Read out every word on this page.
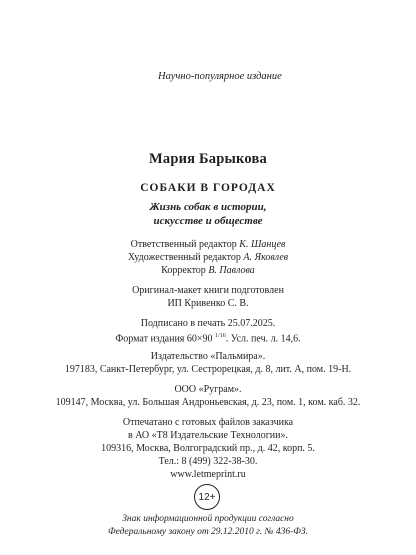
Научно-популярное издание
Мария Барыкова
СОБАКИ В ГОРОДАХ
Жизнь собак в истории,
искусстве и обществе
Ответственный редактор К. Шанцев
Художественный редактор А. Яковлев
Корректор В. Павлова
Оригинал-макет книги подготовлен
ИП Кривенко С. В.
Подписано в печать 25.07.2025.
Формат издания 60×90 $^{1/16}$. Усл. печ. л. 14,6.
Издательство «Пальмира».
197183, Санкт-Петербург, ул. Сестрорецкая, д. 8, лит. А, пом. 19-Н.
ООО «Руграм».
109147, Москва, ул. Большая Андроньевская, д. 23, пом. 1, ком. каб. 32.
Отпечатано с готовых файлов заказчика
в АО «Т8 Издательские Технологии».
109316, Москва, Волгоградский пр., д. 42, корп. 5.
Тел.: 8 (499) 322-38-30.
www.letmeprint.ru
12+
Знак информационной продукции согласно
Федеральному закону от 29.12.2010 г. № 436-ФЗ.
